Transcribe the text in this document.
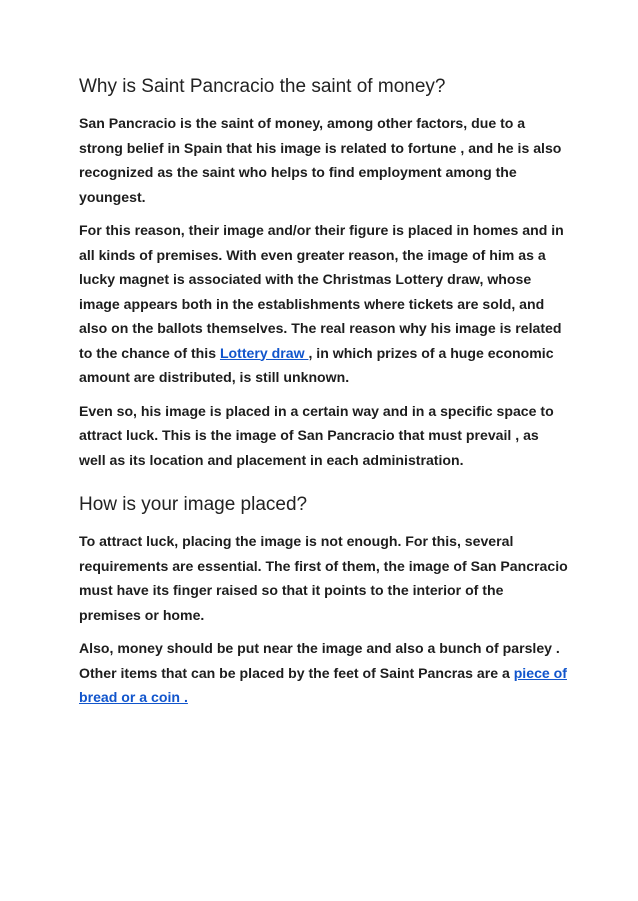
Why is Saint Pancracio the saint of money?

San Pancracio is the saint of money, among other factors, due to a strong belief in Spain that his image is related to fortune , and he is also recognized as the saint who helps to find employment among the youngest.

For this reason, their image and/or their figure is placed in homes and in all kinds of premises. With even greater reason, the image of him as a lucky magnet is associated with the Christmas Lottery draw, whose image appears both in the establishments where tickets are sold, and also on the ballots themselves. The real reason why his image is related to the chance of this Lottery draw , in which prizes of a huge economic amount are distributed, is still unknown.

Even so, his image is placed in a certain way and in a specific space to attract luck. This is the image of San Pancracio that must prevail , as well as its location and placement in each administration.

How is your image placed?

To attract luck, placing the image is not enough. For this, several requirements are essential. The first of them, the image of San Pancracio must have its finger raised so that it points to the interior of the premises or home.

Also, money should be put near the image and also a bunch of parsley . Other items that can be placed by the feet of Saint Pancras are a piece of bread or a coin .
